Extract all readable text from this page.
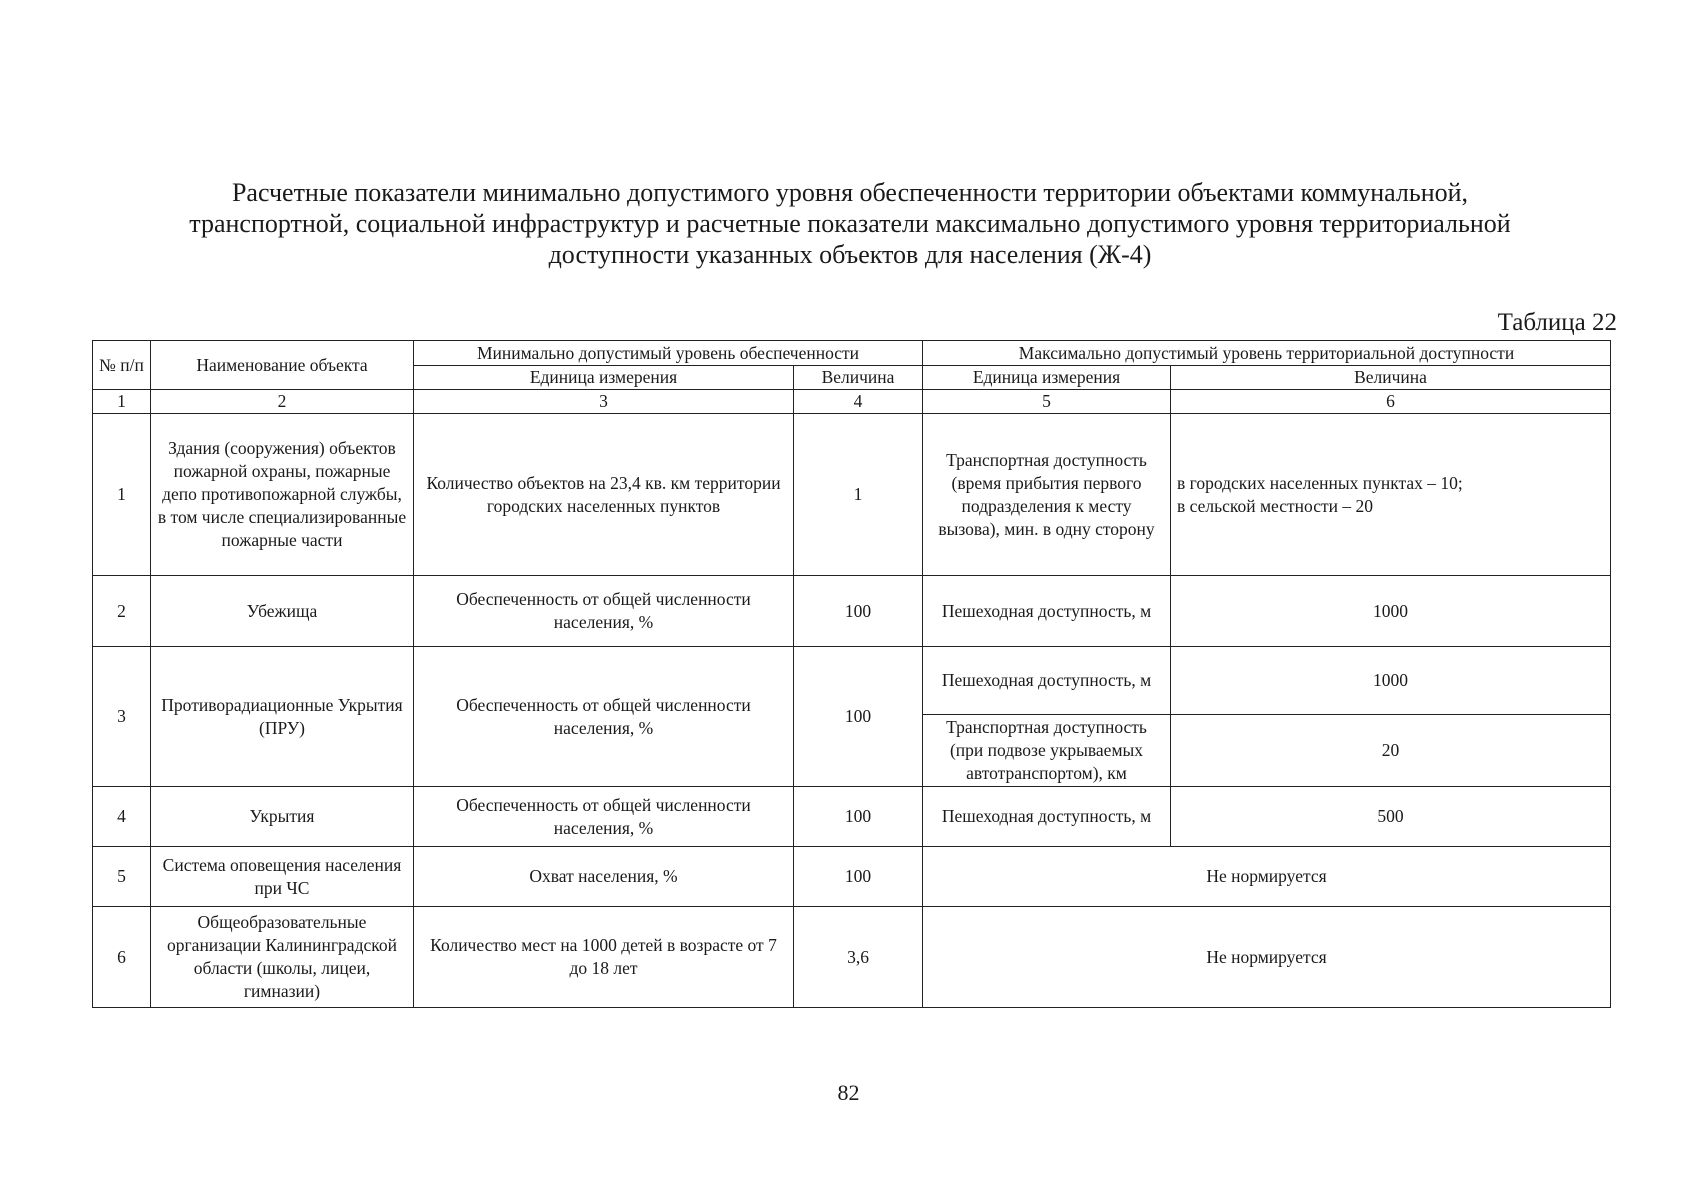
Расчетные показатели минимально допустимого уровня обеспеченности территории объектами коммунальной,
транспортной, социальной инфраструктур и расчетные показатели максимально допустимого уровня территориальной
доступности указанных объектов для населения (Ж-4)
Таблица 22
№ п/п	Наименование объекта	Минимально допустимый уровень обеспеченности		Максимально допустимый уровень территориальной доступности	
		Единица измерения	Величина	Единица измерения	Величина
1	2	3	4	5	6
1	Здания (сооружения) объектов пожарной охраны, пожарные депо противопожарной службы, в том числе специализированные пожарные части	Количество объектов на 23,4 кв. км территории городских населенных пунктов	1	Транспортная доступность (время прибытия первого подразделения к месту вызова), мин. в одну сторону	в городских населенных пунктах – 10;
в сельской местности – 20

2	Убежища	Обеспеченность от общей численности населения, %	100	Пешеходная доступность, м	1000
3	Противорадиационные Укрытия (ПРУ)	Обеспеченность от общей численности населения, %	100	Пешеходная доступность, м	1000
				Транспортная доступность (при подвозе укрываемых автотранспортом), км	20
4	Укрытия	Обеспеченность от общей численности населения, %	100	Пешеходная доступность, м	500
5	Система оповещения населения при ЧС	Охват населения, %	100	Не нормируется	
6	Общеобразовательные организации Калининградской области (школы, лицеи, гимназии)	Количество мест на 1000 детей в возрасте от 7 до 18 лет	3,6	Не нормируется	
82
